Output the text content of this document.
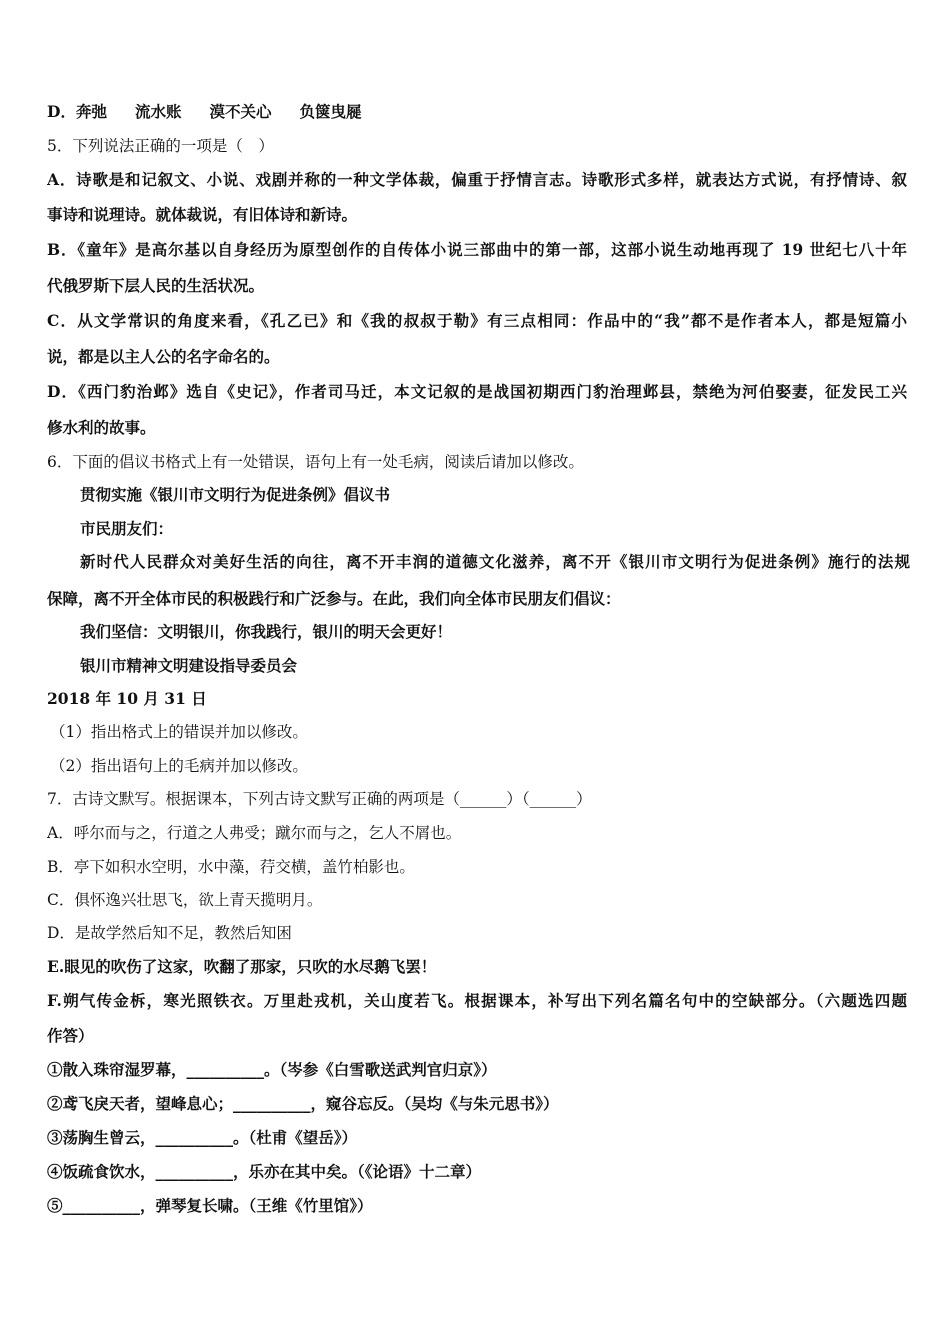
D．奔弛 流水账 漠不关心 负箧曳屣
5．下列说法正确的一项是（　）
A．诗歌是和记叙文、小说、戏剧并称的一种文学体裁，偏重于抒情言志。诗歌形式多样，就表达方式说，有抒情诗、叙
事诗和说理诗。就体裁说，有旧体诗和新诗。
B．《童年》是高尔基以自身经历为原型创作的自传体小说三部曲中的第一部，这部小说生动地再现了 19 世纪七八十年
代俄罗斯下层人民的生活状况。
C．从文学常识的角度来看，《孔乙已》和《我的叔叔于勒》有三点相同：作品中的“我”都不是作者本人，都是短篇小
说，都是以主人公的名字命名的。
D．《西门豹治邺》选自《史记》，作者司马迁，本文记叙的是战国初期西门豹治理邺县，禁绝为河伯娶妻，征发民工兴
修水利的故事。
6．下面的倡议书格式上有一处错误，语句上有一处毛病，阅读后请加以修改。
贯彻实施《银川市文明行为促进条例》倡议书
市民朋友们：
新时代人民群众对美好生活的向往，离不开丰润的道德文化滋养，离不开《银川市文明行为促进条例》施行的法规
保障，离不开全体市民的积极践行和广泛参与。在此，我们向全体市民朋友们倡议：
我们坚信：文明银川，你我践行，银川的明天会更好！
银川市精神文明建设指导委员会
2018 年 10 月 31 日
（1）指出格式上的错误并加以修改。
（2）指出语句上的毛病并加以修改。
7．古诗文默写。根据课本，下列古诗文默写正确的两项是（______）（______）
A．呼尔而与之，行道之人弗受；蹴尔而与之，乞人不屑也。
B．亭下如积水空明，水中藻，荇交横，盖竹柏影也。
C．俱怀逸兴壮思飞，欲上青天揽明月。
D．是故学然后知不足，教然后知困
E.眼见的吹伤了这家，吹翻了那家，只吹的水尽鹅飞罢！
F.朔气传金柝，寒光照铁衣。万里赴戎机，关山度若飞。根据课本，补写出下列名篇名句中的空缺部分。（六题选四题
作答）
①散入珠帘湿罗幕，__________。（岑参《白雪歌送武判官归京》）
②鸢飞戾天者，望峰息心；__________，窥谷忘反。（吴均《与朱元思书》）
③荡胸生曾云，__________。（杜甫《望岳》）
④饭疏食饮水，__________，乐亦在其中矣。（《论语》十二章）
⑤__________，弹琴复长啸。（王维《竹里馆》）
